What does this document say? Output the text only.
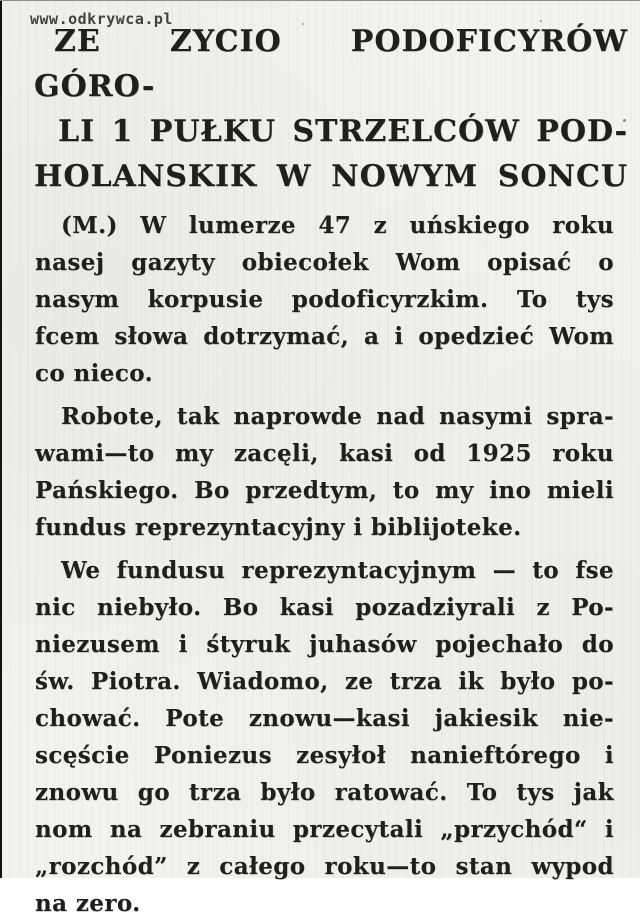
www.odkrywca.pl
ZE ZYCIO PODOFICYRÓW GÓRO-
LI 1 PUŁKU STRZELCÓW POD-
HOLANSKIK W NOWYM SONCU
(M.) W lumerze 47 z uńskiego roku
nasej gazyty obiecołek Wom opisać o
nasym korpusie podoficyrzkim. To tys
fcem słowa dotrzymać, a i opedzieć Wom
co nieco.
Robote, tak naprowde nad nasymi spra-
wami—to my zacęli, kasi od 1925 roku
Pańskiego. Bo przedtym, to my ino mieli
fundus reprezyntacyjny i biblijoteke.
We fundusu reprezyntacyjnym — to fse
nic niebyło. Bo kasi pozadziyrali z Po-
niezusem i śtyruk juhasów pojechało do
św. Piotra. Wiadomo, ze trza ik było po-
chować. Pote znowu—kasi jakiesik nie-
scęście Poniezus zesyłoł nanieftórego i
znowu go trza było ratować. To tys jak
nom na zebraniu przecytali „przychód“ i
„rozchód” z całego roku—to stan wypod
na zero.
